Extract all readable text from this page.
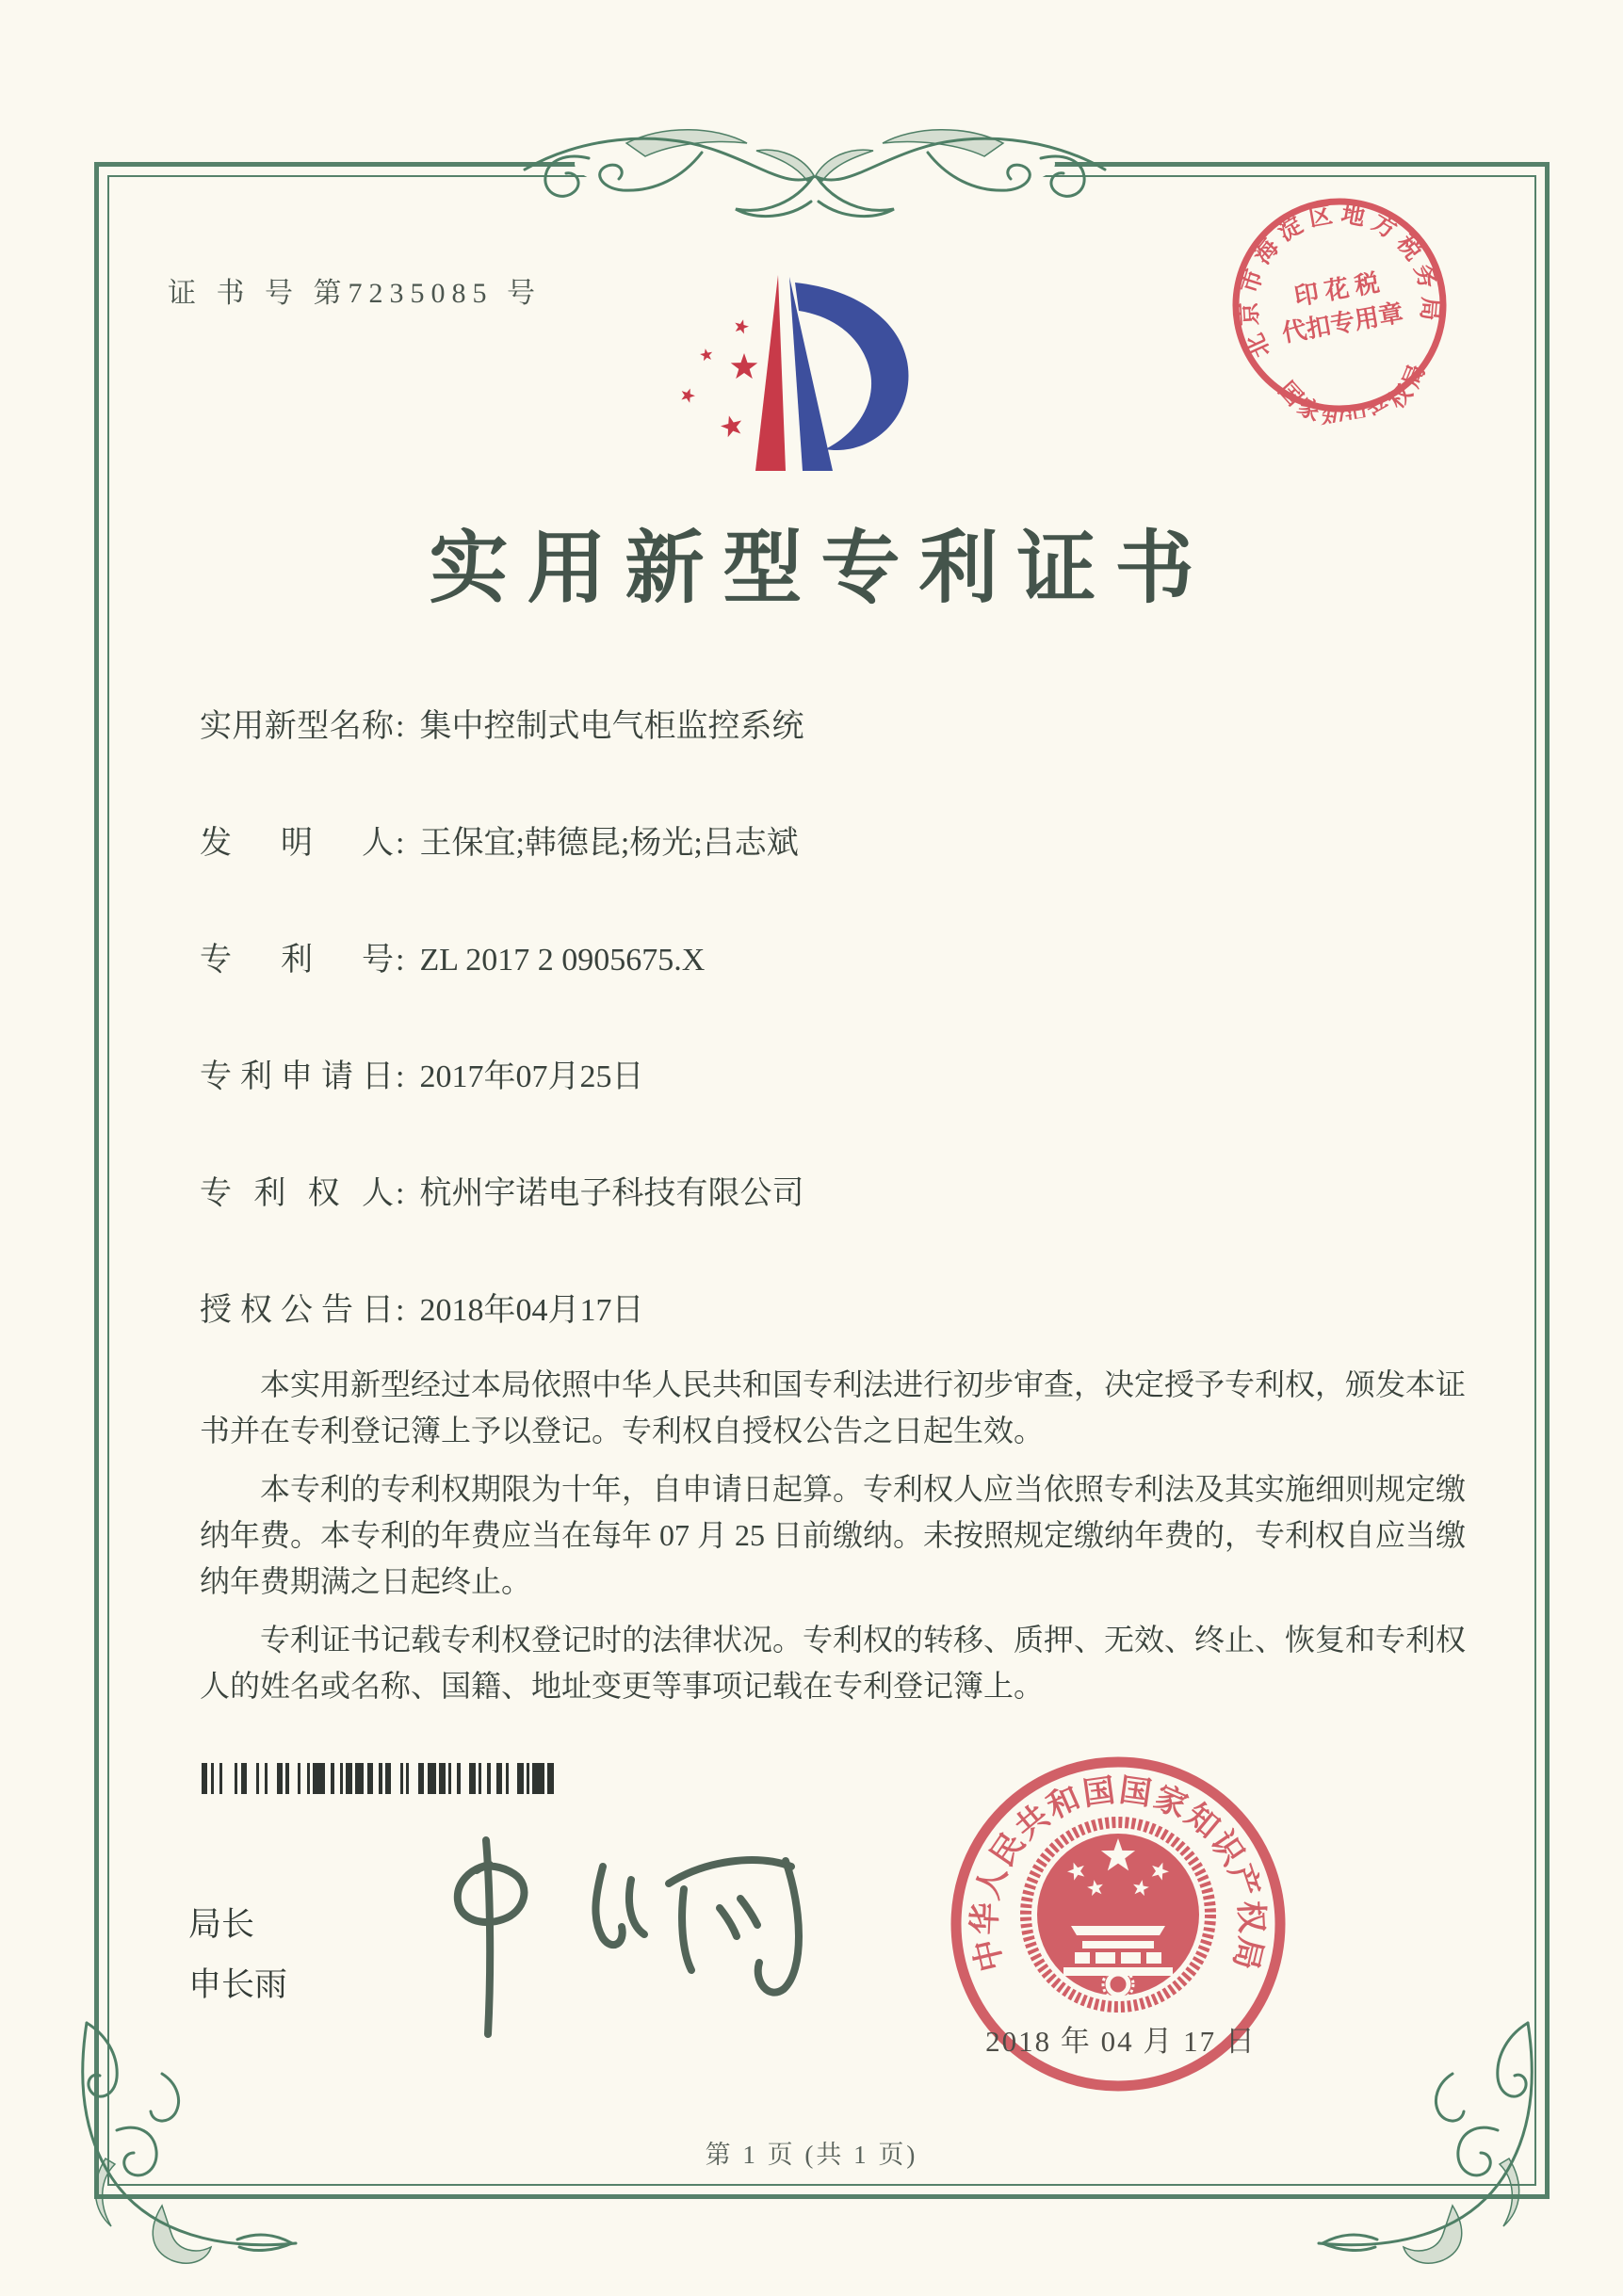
证 书 号 第7235085 号
北京市海淀区地方税务局
国家知识产权局
印 花 税
代扣专用章
实用新型专利证书
实用新型名称: 集中控制式电气柜监控系统
发明人: 王保宜;韩德昆;杨光;吕志斌
专利号: ZL 2017 2 0905675.X
专利申请日: 2017年07月25日
专利权人: 杭州宇诺电子科技有限公司
授权公告日: 2018年04月17日

本实用新型经过本局依照中华人民共和国专利法进行初步审查，决定授予专利权，颁发本证书并在专利登记簿上予以登记。专利权自授权公告之日起生效。

本专利的专利权期限为十年，自申请日起算。专利权人应当依照专利法及其实施细则规定缴纳年费。本专利的年费应当在每年 07 月 25 日前缴纳。未按照规定缴纳年费的，专利权自应当缴纳年费期满之日起终止。

专利证书记载专利权登记时的法律状况。专利权的转移、质押、无效、终止、恢复和专利权人的姓名或名称、国籍、地址变更等事项记载在专利登记簿上。

局长
申长雨
中华人民共和国国家知识产权局
2018 年 04 月 17 日
第 1 页 (共 1 页)
